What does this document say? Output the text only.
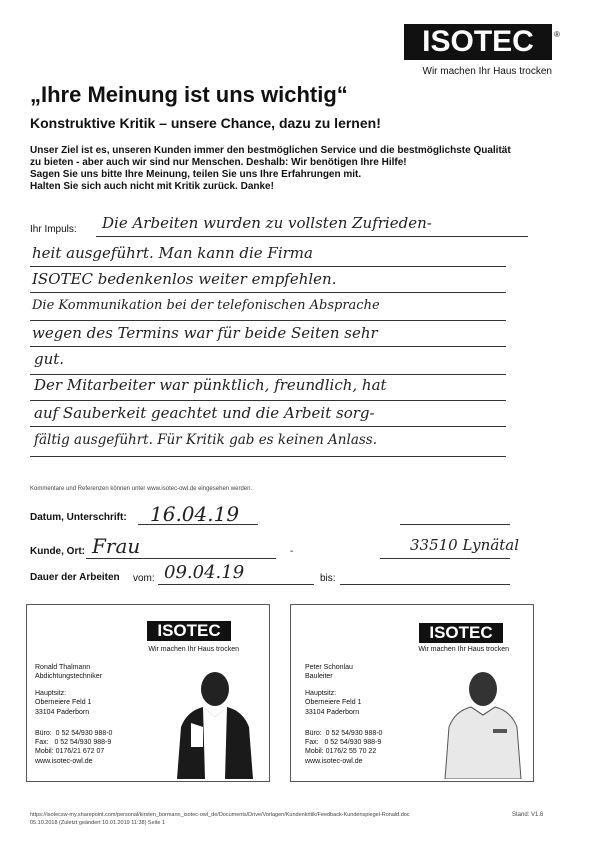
ISOTEC	®
Wir machen Ihr Haus trocken
„Ihre Meinung ist uns wichtig“
Konstruktive Kritik – unsere Chance, dazu zu lernen!
Unser Ziel ist es, unseren Kunden immer den bestmöglichen Service und die bestmöglichste Qualität
zu bieten - aber auch wir sind nur Menschen. Deshalb: Wir benötigen Ihre Hilfe!
Sagen Sie uns bitte Ihre Meinung, teilen Sie uns Ihre Erfahrungen mit.
Halten Sie sich auch nicht mit Kritik zurück. Danke!
Ihr Impuls: Die Arbeiten wurden zu vollsten Zufrieden-
heit ausgeführt. Man kann die Firma
ISOTEC bedenkenlos weiter empfehlen.
Die Kommunikation bei der telefonischen Absprache
wegen des Termins war für beide Seiten sehr
gut.
Der Mitarbeiter war pünktlich, freundlich, hat
auf Sauberkeit geachtet und die Arbeit sorg-
fältig ausgeführt. Für Kritik gab es keinen Anlass.
Kommentare und Referenzen können unter www.isotec-owl.de eingesehen werden.
Datum, Unterschrift: 16.04.19
Kunde, Ort: Frau	33510 Lynätal
-
Dauer der Arbeiten vom: 09.04.19	bis:
ISOTEC
Wir machen Ihr Haus trocken
Ronald Thalmann
Abdichtungstechniker
Hauptsitz:
Oberneiere Feld 1
33104 Paderborn
Büro:  0 52 54/930 988-0
Fax:   0 52 54/930 988-9
Mobil: 0176/21 672 07
www.isotec-owl.de
ISOTEC
Wir machen Ihr Haus trocken
Peter Schonlau
Bauleiter
Hauptsitz:
Oberneiere Feld 1
33104 Paderborn
Büro:  0 52 54/930 988-0
Fax:   0 52 54/930 988-9
Mobil: 0176/2 55 70 22
www.isotec-owl.de
https://isotecsw-my.sharepoint.com/personal/kirsten_bormann_isotec-owl_de/Documents/Drive/Vorlagen/Kundenkritik/Feedback-Kundenspiegel-Ronald.doc
05.10.2018 (Zuletzt geändert 10.01.2019 11:38) Seite 1
Stand: V1.6
